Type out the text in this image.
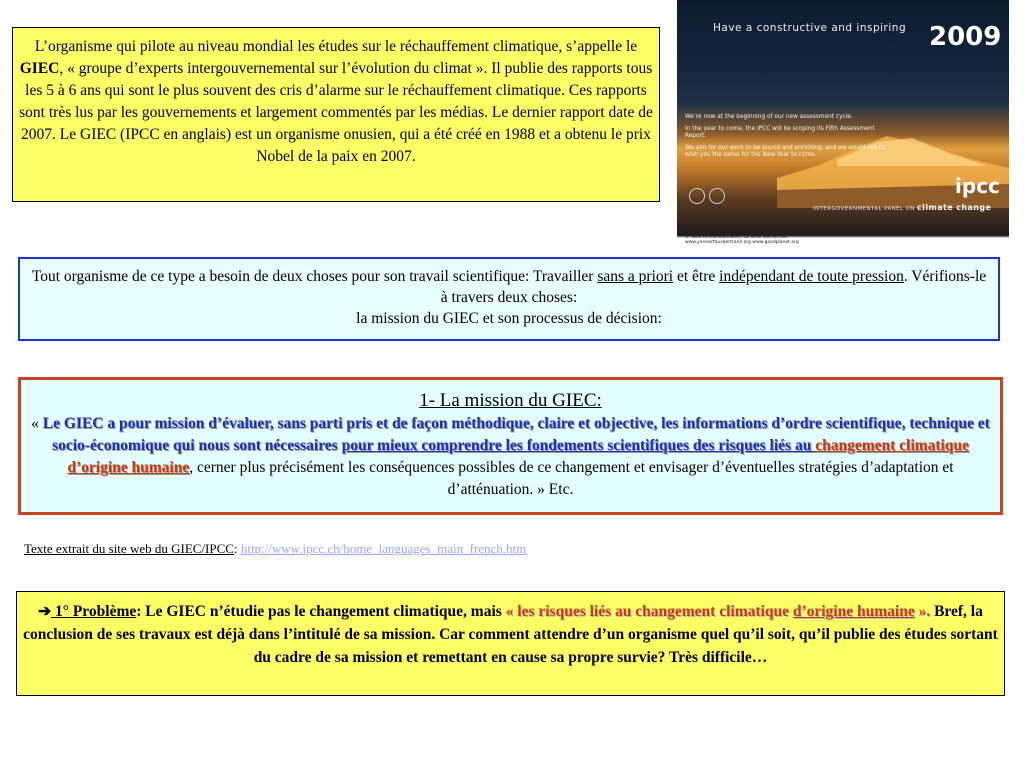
L’organisme qui pilote au niveau mondial les études sur le réchauffement climatique, s’appelle le GIEC, « groupe d’experts intergouvernemental sur l’évolution du climat ». Il publie des rapports tous les 5 à 6 ans qui sont le plus souvent des cris d’alarme sur le réchauffement climatique. Ces rapports sont très lus par les gouvernements et largement commentés par les médias. Le dernier rapport date de 2007. Le GIEC (IPCC en anglais) est un organisme onusien, qui a été créé en 1988 et a obtenu le prix Nobel de la paix en 2007.
Have a constructive and inspiring 2009

We’re now at the beginning of our new assessment cycle.

In the year to come, the IPCC will be scoping its Fifth Assessment Report.

We aim for our work to be sound and enriching, and we would like to wish you the same for the New Year to come.

ipcc
INTERGOVERNMENTAL PANEL ON climate change
Ross sea ice and Mount Erebus, McMurdo Sound, Antarctica (77°50'S, 165°00'E)
© Yann Arthus-Bertrand / La Terre vue du ciel
www.yannarthusbertrand.org www.goodplanet.org
Tout organisme de ce type a besoin de deux choses pour son travail scientifique: Travailler sans a priori et être indépendant de toute pression. Vérifions-le à travers deux choses:
la mission du GIEC et son processus de décision:
1- La mission du GIEC:
« Le GIEC a pour mission d’évaluer, sans parti pris et de façon méthodique, claire et objective, les informations d’ordre scientifique, technique et socio-économique qui nous sont nécessaires pour mieux comprendre les fondements scientifiques des risques liés au changement climatique d’origine humaine, cerner plus précisément les conséquences possibles de ce changement et envisager d’éventuelles stratégies d’adaptation et d’atténuation. » Etc.
Texte extrait du site web du GIEC/IPCC: http://www.ipcc.ch/home_languages_main_french.htm
➔ 1° Problème: Le GIEC n’étudie pas le changement climatique, mais « les risques liés au changement climatique d’origine humaine ». Bref, la conclusion de ses travaux est déjà dans l’intitulé de sa mission. Car comment attendre d’un organisme quel qu’il soit, qu’il publie des études sortant du cadre de sa mission et remettant en cause sa propre survie? Très difficile…
